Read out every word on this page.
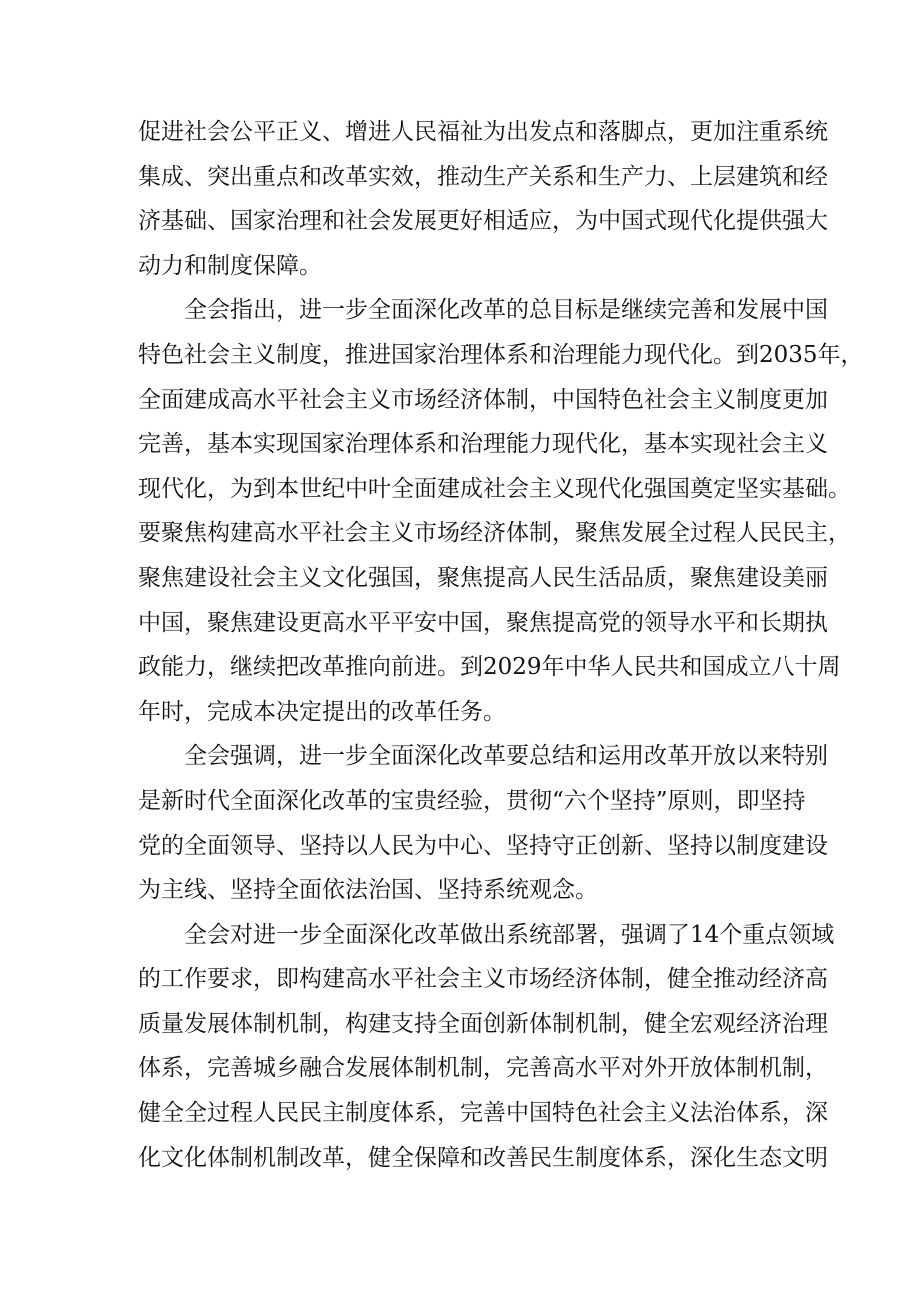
促进社会公平正义、增进人民福祉为出发点和落脚点，更加注重系统
集成、突出重点和改革实效，推动生产关系和生产力、上层建筑和经
济基础、国家治理和社会发展更好相适应，为中国式现代化提供强大
动力和制度保障。
全会指出，进一步全面深化改革的总目标是继续完善和发展中国
特色社会主义制度，推进国家治理体系和治理能力现代化。到2035年，
全面建成高水平社会主义市场经济体制，中国特色社会主义制度更加
完善，基本实现国家治理体系和治理能力现代化，基本实现社会主义
现代化，为到本世纪中叶全面建成社会主义现代化强国奠定坚实基础。
要聚焦构建高水平社会主义市场经济体制，聚焦发展全过程人民民主，
聚焦建设社会主义文化强国，聚焦提高人民生活品质，聚焦建设美丽
中国，聚焦建设更高水平平安中国，聚焦提高党的领导水平和长期执
政能力，继续把改革推向前进。到2029年中华人民共和国成立八十周
年时，完成本决定提出的改革任务。
全会强调，进一步全面深化改革要总结和运用改革开放以来特别
是新时代全面深化改革的宝贵经验，贯彻“六个坚持”原则，即坚持
党的全面领导、坚持以人民为中心、坚持守正创新、坚持以制度建设
为主线、坚持全面依法治国、坚持系统观念。
全会对进一步全面深化改革做出系统部署，强调了14个重点领域
的工作要求，即构建高水平社会主义市场经济体制，健全推动经济高
质量发展体制机制，构建支持全面创新体制机制，健全宏观经济治理
体系，完善城乡融合发展体制机制，完善高水平对外开放体制机制，
健全全过程人民民主制度体系，完善中国特色社会主义法治体系，深
化文化体制机制改革，健全保障和改善民生制度体系，深化生态文明
